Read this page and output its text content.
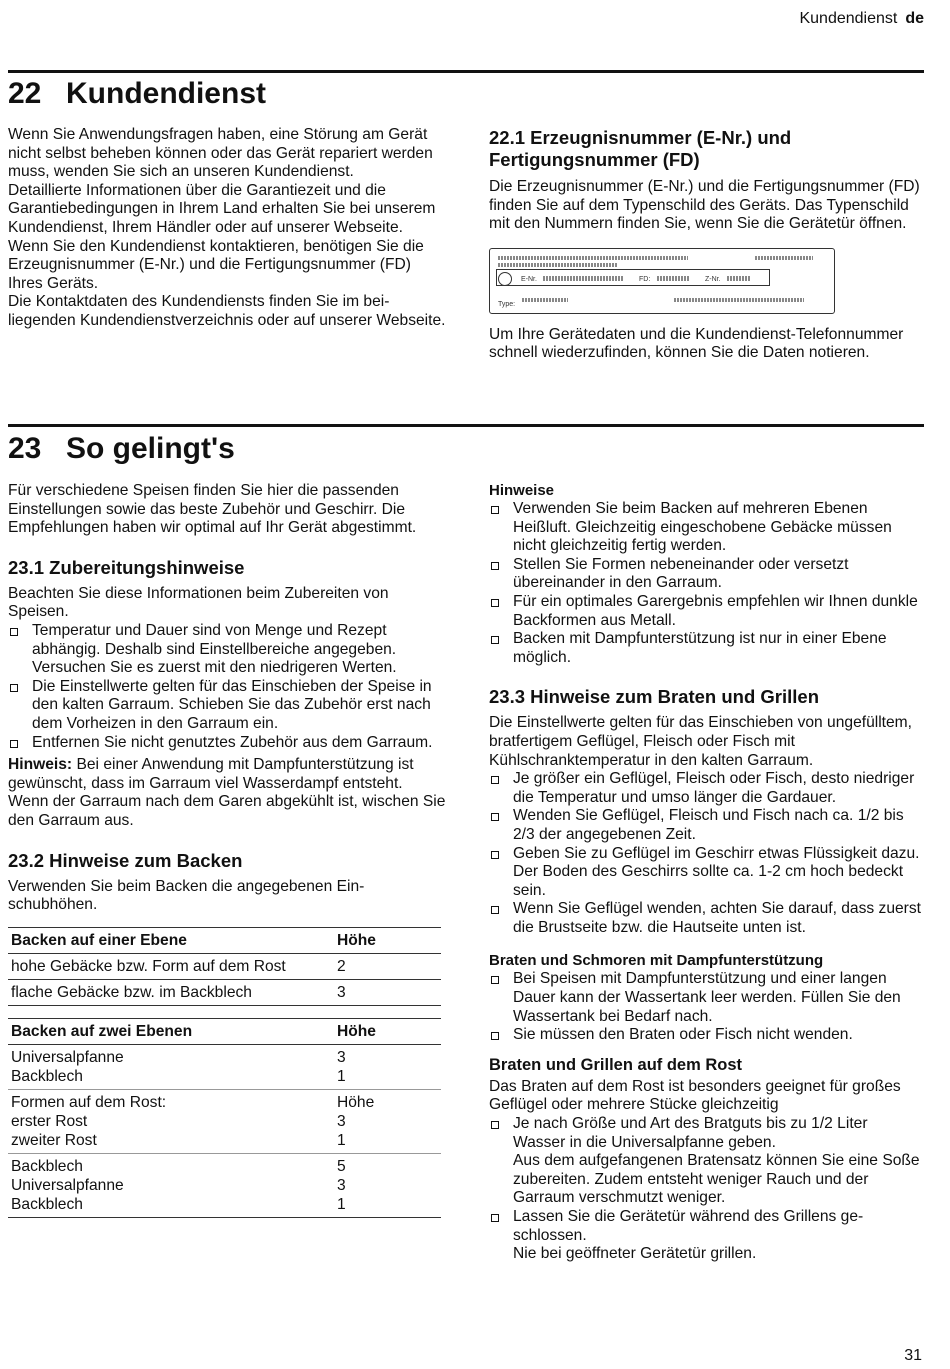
Kundendienst de
22 Kundendienst

Wenn Sie Anwendungsfragen haben, eine Störung am Gerät nicht selbst beheben können oder das Gerät repariert werden muss, wenden Sie sich an unseren Kundendienst.

Detaillierte Informationen über die Garantiezeit und die Garantiebedingungen in Ihrem Land erhalten Sie bei unserem Kundendienst, Ihrem Händler oder auf unserer Webseite.

Wenn Sie den Kundendienst kontaktieren, benötigen Sie die Erzeugnisnummer (E-Nr.) und die Fertigungsnummer (FD) Ihres Geräts.

Die Kontaktdaten des Kundendiensts finden Sie im beiliegenden Kundendienstverzeichnis oder auf unserer Webseite.

22.1 Erzeugnisnummer (E-Nr.) und Fertigungsnummer (FD)

Die Erzeugnisnummer (E-Nr.) und die Fertigungsnummer (FD) finden Sie auf dem Typenschild des Geräts. Das Typenschild mit den Nummern finden Sie, wenn Sie die Gerätetür öffnen.

E-Nr.	FD:	Z-Nr.
Type:

Um Ihre Gerätedaten und die Kundendienst-Telefonnummer schnell wiederzufinden, können Sie die Daten notieren.

23 So gelingt's

Für verschiedene Speisen finden Sie hier die passenden Einstellungen sowie das beste Zubehör und Geschirr. Die Empfehlungen haben wir optimal auf Ihr Gerät abgestimmt.

23.1 Zubereitungshinweise

Beachten Sie diese Informationen beim Zubereiten von Speisen.

Temperatur und Dauer sind von Menge und Rezept abhängig. Deshalb sind Einstellbereiche angegeben. Versuchen Sie es zuerst mit den niedrigeren Werten.
Die Einstellwerte gelten für das Einschieben der Speise in den kalten Garraum. Schieben Sie das Zubehör erst nach dem Vorheizen in den Garraum ein.
Entfernen Sie nicht genutztes Zubehör aus dem Garraum.

Hinweis: Bei einer Anwendung mit Dampfunterstützung ist gewünscht, dass im Garraum viel Wasserdampf entsteht.

Wenn der Garraum nach dem Garen abgekühlt ist, wischen Sie den Garraum aus.

23.2 Hinweise zum Backen

Verwenden Sie beim Backen die angegebenen Einschubhöhen.

Backen auf einer Ebene	Höhe
hohe Gebäcke bzw. Form auf dem Rost	2
flache Gebäcke bzw. im Backblech	3
Backen auf zwei Ebenen	Höhe
Universalpfanne	3
Backblech	1
Formen auf dem Rost:	Höhe
erster Rost	3
zweiter Rost	1
Backblech	5
Universalpfanne	3
Backblech	1
Hinweise
Verwenden Sie beim Backen auf mehreren Ebenen Heißluft. Gleichzeitig eingeschobene Gebäcke müssen nicht gleichzeitig fertig werden.
Stellen Sie Formen nebeneinander oder versetzt übereinander in den Garraum.
Für ein optimales Garergebnis empfehlen wir Ihnen dunkle Backformen aus Metall.
Backen mit Dampfunterstützung ist nur in einer Ebene möglich.
23.3 Hinweise zum Braten und Grillen

Die Einstellwerte gelten für das Einschieben von ungefülltem, bratfertigem Geflügel, Fleisch oder Fisch mit Kühlschranktemperatur in den kalten Garraum.

Je größer ein Geflügel, Fleisch oder Fisch, desto niedriger die Temperatur und umso länger die Gardauer.
Wenden Sie Geflügel, Fleisch und Fisch nach ca. 1/2 bis 2/3 der angegebenen Zeit.
Geben Sie zu Geflügel im Geschirr etwas Flüssigkeit dazu. Der Boden des Geschirrs sollte ca. 1-2 cm hoch bedeckt sein.
Wenn Sie Geflügel wenden, achten Sie darauf, dass zuerst die Brustseite bzw. die Hautseite unten ist.
Braten und Schmoren mit Dampfunterstützung
Bei Speisen mit Dampfunterstützung und einer langen Dauer kann der Wassertank leer werden. Füllen Sie den Wassertank bei Bedarf nach.
Sie müssen den Braten oder Fisch nicht wenden.
Braten und Grillen auf dem Rost

Das Braten auf dem Rost ist besonders geeignet für großes Geflügel oder mehrere Stücke gleichzeitig

Je nach Größe und Art des Bratguts bis zu 1/2 Liter Wasser in die Universalpfanne geben.
Aus dem aufgefangenen Bratensatz können Sie eine Soße zubereiten. Zudem entsteht weniger Rauch und der Garraum verschmutzt weniger.
Lassen Sie die Gerätetür während des Grillens geschlossen.
Nie bei geöffneter Gerätetür grillen.
31
